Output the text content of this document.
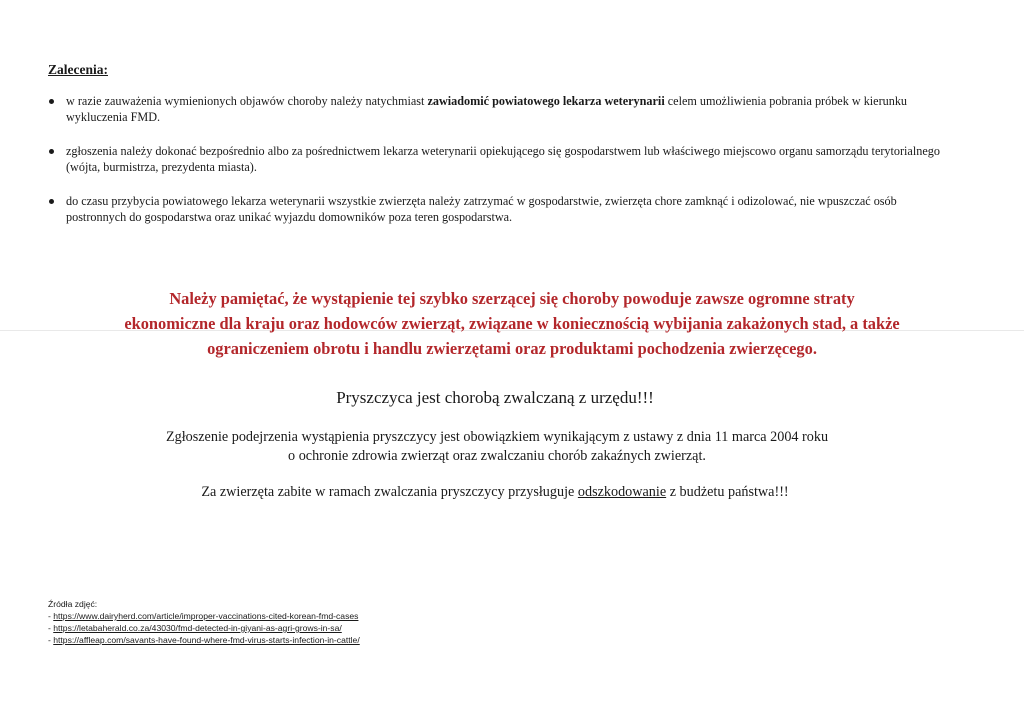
Zalecenia:
w razie zauważenia wymienionych objawów choroby należy natychmiast zawiadomić powiatowego lekarza weterynarii celem umożliwienia pobrania próbek w kierunku wykluczenia FMD.
zgłoszenia należy dokonać bezpośrednio albo za pośrednictwem lekarza weterynarii opiekującego się gospodarstwem lub właściwego miejscowo organu samorządu terytorialnego (wójta, burmistrza, prezydenta miasta).
do czasu przybycia powiatowego lekarza weterynarii wszystkie zwierzęta należy zatrzymać w gospodarstwie, zwierzęta chore zamknąć i odizolować, nie wpuszczać osób postronnych do gospodarstwa oraz unikać wyjazdu domowników poza teren gospodarstwa.
Należy pamiętać, że wystąpienie tej szybko szerzącej się choroby powoduje zawsze ogromne straty
ekonomiczne dla kraju oraz hodowców zwierząt, związane w koniecznością wybijania zakażonych stad, a także
ograniczeniem obrotu i handlu zwierzętami oraz produktami pochodzenia zwierzęcego.
Pryszczyca jest chorobą zwalczaną z urzędu!!!
Zgłoszenie podejrzenia wystąpienia pryszczycy jest obowiązkiem wynikającym z ustawy z dnia 11 marca 2004 roku
o ochronie zdrowia zwierząt oraz zwalczaniu chorób zakaźnych zwierząt.
Za zwierzęta zabite w ramach zwalczania pryszczycy przysługuje odszkodowanie z budżetu państwa!!!
Źródła zdjęć:
- https://www.dairyherd.com/article/improper-vaccinations-cited-korean-fmd-cases
- https://letabaherald.co.za/43030/fmd-detected-in-giyani-as-agri-grows-in-sa/
- https://affleap.com/savants-have-found-where-fmd-virus-starts-infection-in-cattle/
